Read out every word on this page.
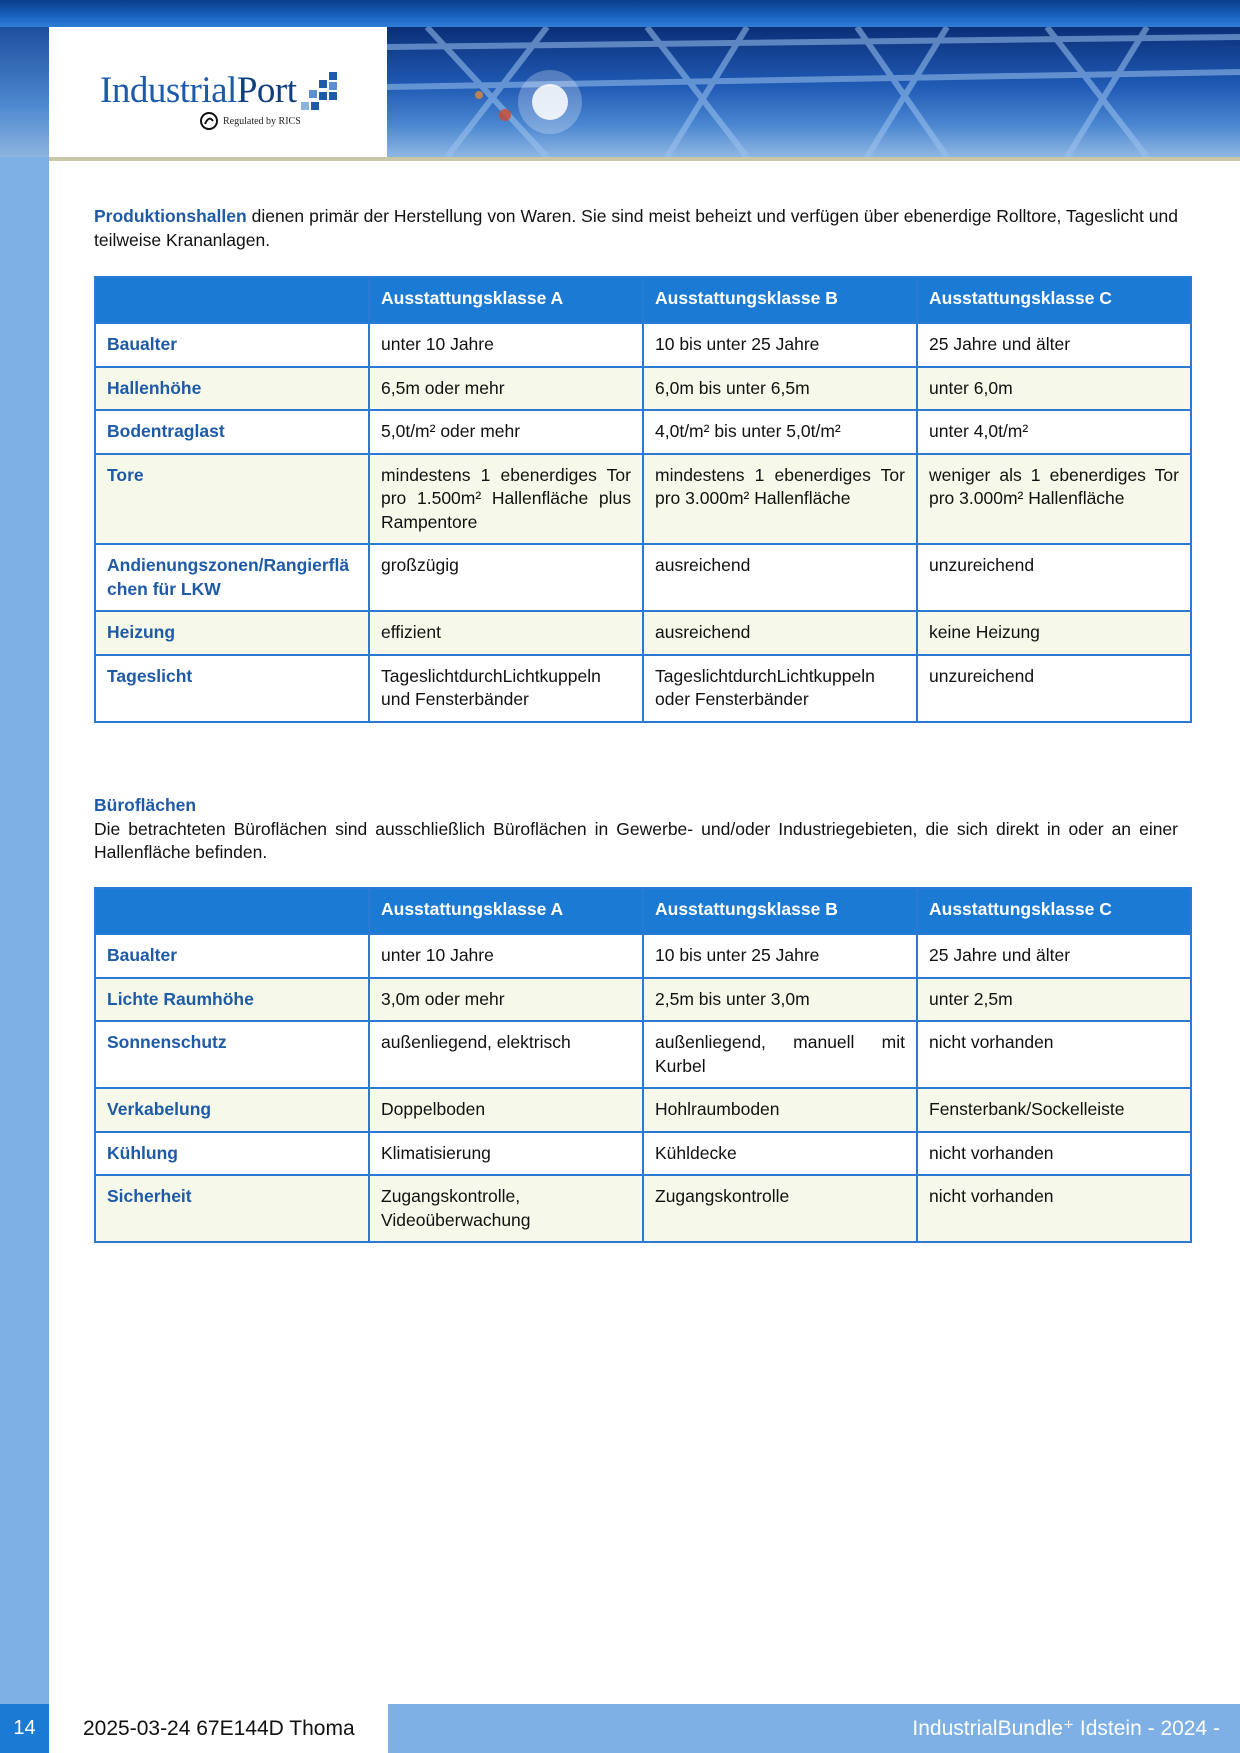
IndustrialPort
Regulated by RICS

Produktionshallen dienen primär der Herstellung von Waren. Sie sind meist beheizt und verfügen über ebenerdige Rolltore, Tageslicht und teilweise Krananlagen.

	Ausstattungsklasse A	Ausstattungsklasse B	Ausstattungsklasse C
Baualter	unter 10 Jahre	10 bis unter 25 Jahre	25 Jahre und älter
Hallenhöhe	6,5m oder mehr	6,0m bis unter 6,5m	unter 6,0m
Bodentraglast	5,0t/m² oder mehr	4,0t/m² bis unter 5,0t/m²	unter 4,0t/m²
Tore	mindestens 1 ebenerdiges Tor pro 1.500m² Hallenfläche plus Rampentore	mindestens 1 ebenerdiges Tor pro 3.000m² Hallenfläche	weniger als 1 ebenerdiges Tor pro 3.000m² Hallenfläche
Andienungszonen/Rangierflächen für LKW	großzügig	ausreichend	unzureichend
Heizung	effizient	ausreichend	keine Heizung
Tageslicht	TageslichtdurchLichtkuppeln und Fensterbänder	TageslichtdurchLichtkuppeln oder Fensterbänder	unzureichend

Büroflächen
Die betrachteten Büroflächen sind ausschließlich Büroflächen in Gewerbe- und/oder Industriegebieten, die sich direkt in oder an einer Hallenfläche befinden.

	Ausstattungsklasse A	Ausstattungsklasse B	Ausstattungsklasse C
Baualter	unter 10 Jahre	10 bis unter 25 Jahre	25 Jahre und älter
Lichte Raumhöhe	3,0m oder mehr	2,5m bis unter 3,0m	unter 2,5m
Sonnenschutz	außenliegend, elektrisch	außenliegend, manuell mit Kurbel	nicht vorhanden
Verkabelung	Doppelboden	Hohlraumboden	Fensterbank/Sockelleiste
Kühlung	Klimatisierung	Kühldecke	nicht vorhanden
Sicherheit	Zugangskontrolle, Videoüberwachung	Zugangskontrolle	nicht vorhanden
14	2025-03-24 67E144D Thoma	IndustrialBundle⁺ Idstein - 2024 -
